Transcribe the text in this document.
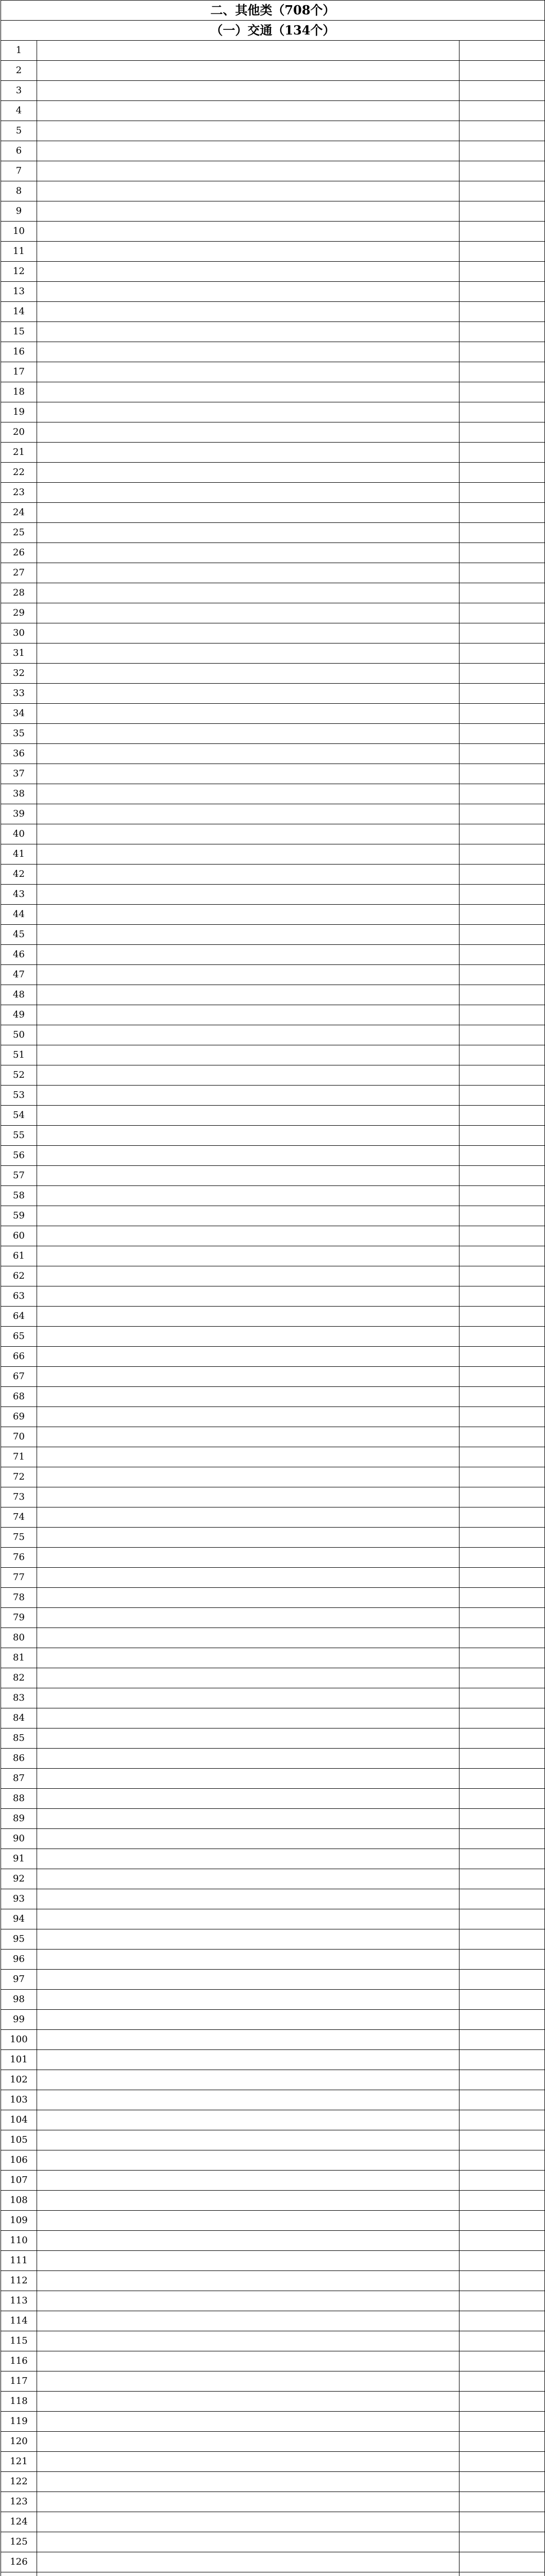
二、其他类（708个）		
（一）交通（134个）		
1		
2		
3		
4		
5		
6		
7		
8		
9		
10		
11		
12		
13		
14		
15		
16		
17		
18		
19		
20		
21		
22		
23		
24		
25		
26		
27		
28		
29		
30		
31		
32		
33		
34		
35		
36		
37		
38		
39		
40		
41		
42		
43		
44		
45		
46		
47		
48		
49		
50		
51		
52		
53		
54		
55		
56		
57		
58		
59		
60		
61		
62		
63		
64		
65		
66		
67		
68		
69		
70		
71		
72		
73		
74		
75		
76		
77		
78		
79		
80		
81		
82		
83		
84		
85		
86		
87		
88		
89		
90		
91		
92		
93		
94		
95		
96		
97		
98		
99		
100		
101		
102		
103		
104		
105		
106		
107		
108		
109		
110		
111		
112		
113		
114		
115		
116		
117		
118		
119		
120		
121		
122		
123		
124		
125		
126		
